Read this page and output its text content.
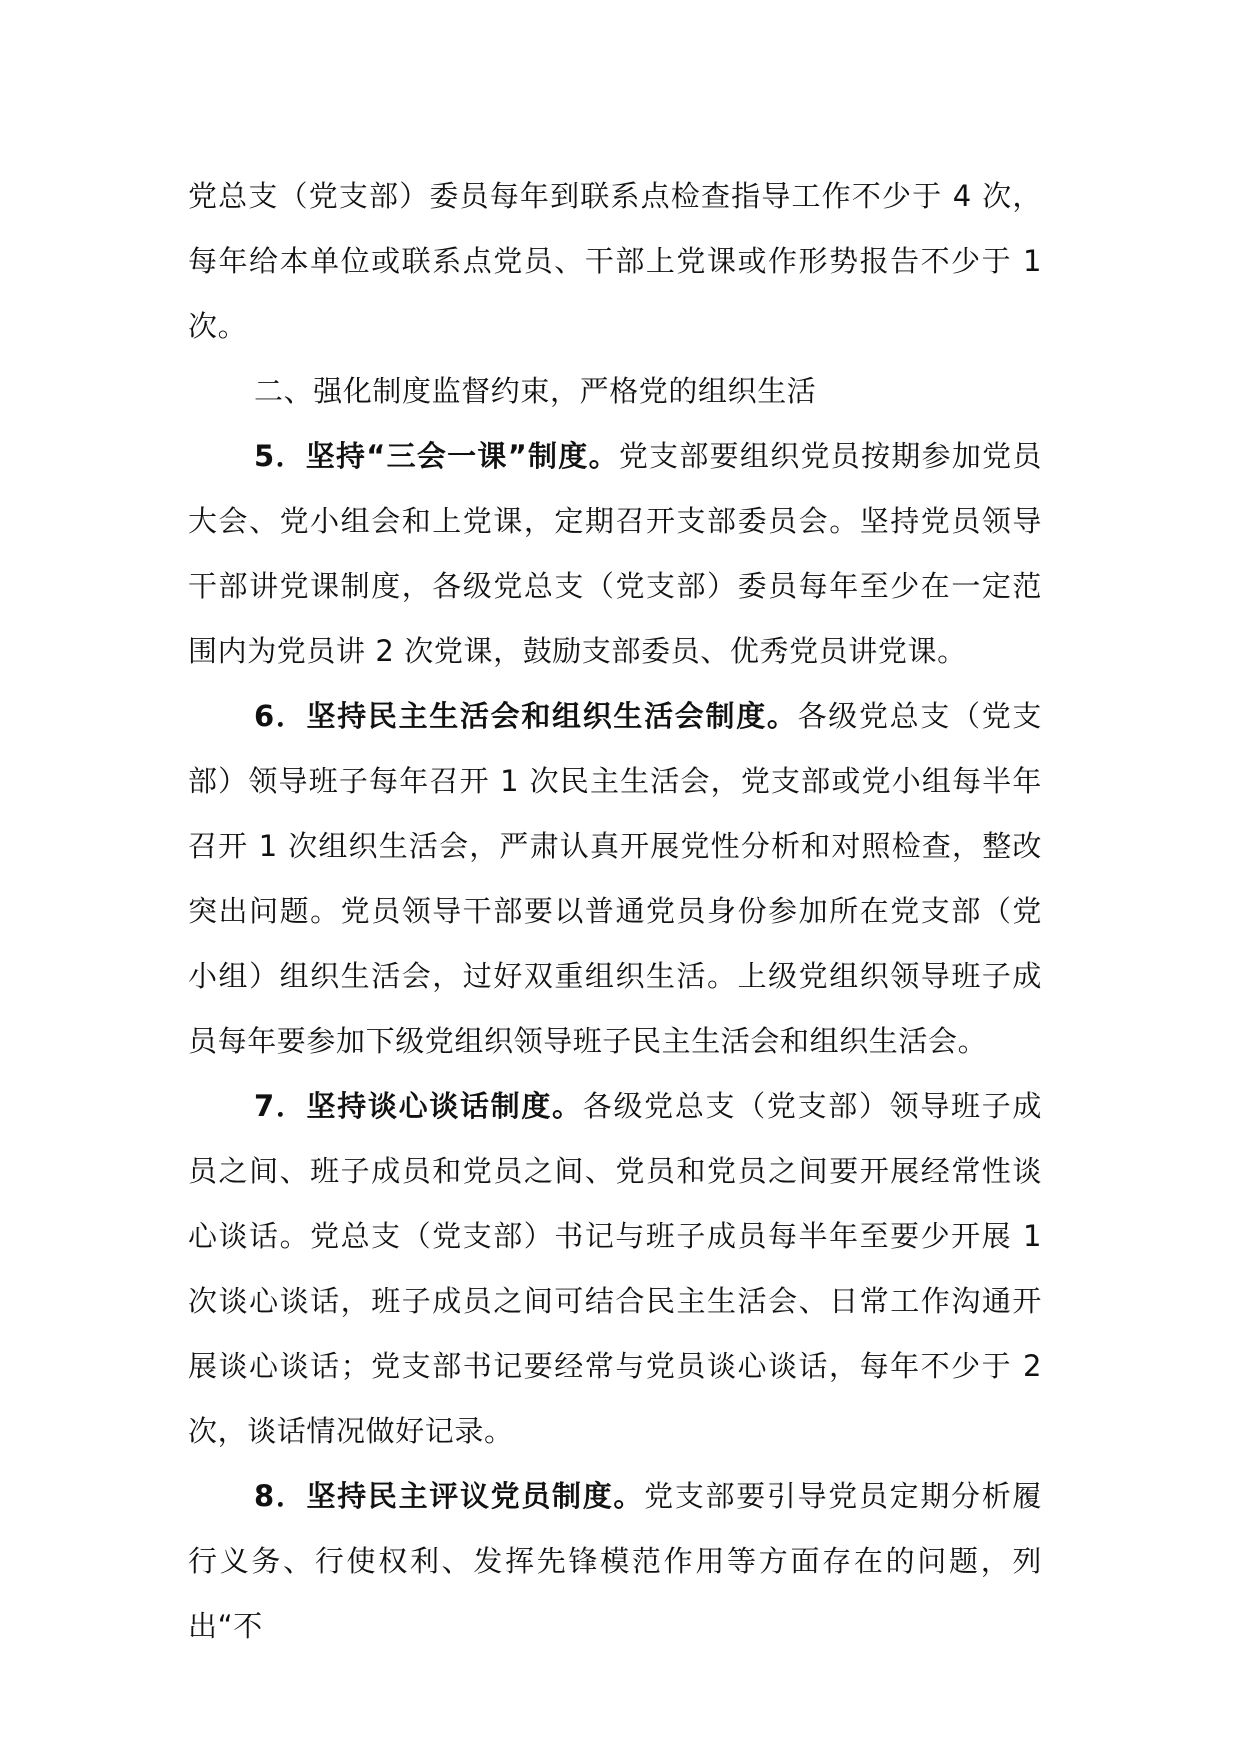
党总支（党支部）委员每年到联系点检查指导工作不少于 4 次，每年给本单位或联系点党员、干部上党课或作形势报告不少于 1 次。

二、强化制度监督约束，严格党的组织生活

5．坚持“三会一课”制度。党支部要组织党员按期参加党员大会、党小组会和上党课，定期召开支部委员会。坚持党员领导干部讲党课制度，各级党总支（党支部）委员每年至少在一定范围内为党员讲 2 次党课，鼓励支部委员、优秀党员讲党课。

6．坚持民主生活会和组织生活会制度。各级党总支（党支部）领导班子每年召开 1 次民主生活会，党支部或党小组每半年召开 1 次组织生活会，严肃认真开展党性分析和对照检查，整改突出问题。党员领导干部要以普通党员身份参加所在党支部（党小组）组织生活会，过好双重组织生活。上级党组织领导班子成员每年要参加下级党组织领导班子民主生活会和组织生活会。

7．坚持谈心谈话制度。各级党总支（党支部）领导班子成员之间、班子成员和党员之间、党员和党员之间要开展经常性谈心谈话。党总支（党支部）书记与班子成员每半年至要少开展 1 次谈心谈话，班子成员之间可结合民主生活会、日常工作沟通开展谈心谈话；党支部书记要经常与党员谈心谈话，每年不少于 2 次，谈话情况做好记录。

8．坚持民主评议党员制度。党支部要引导党员定期分析履行义务、行使权利、发挥先锋模范作用等方面存在的问题，列出“不
